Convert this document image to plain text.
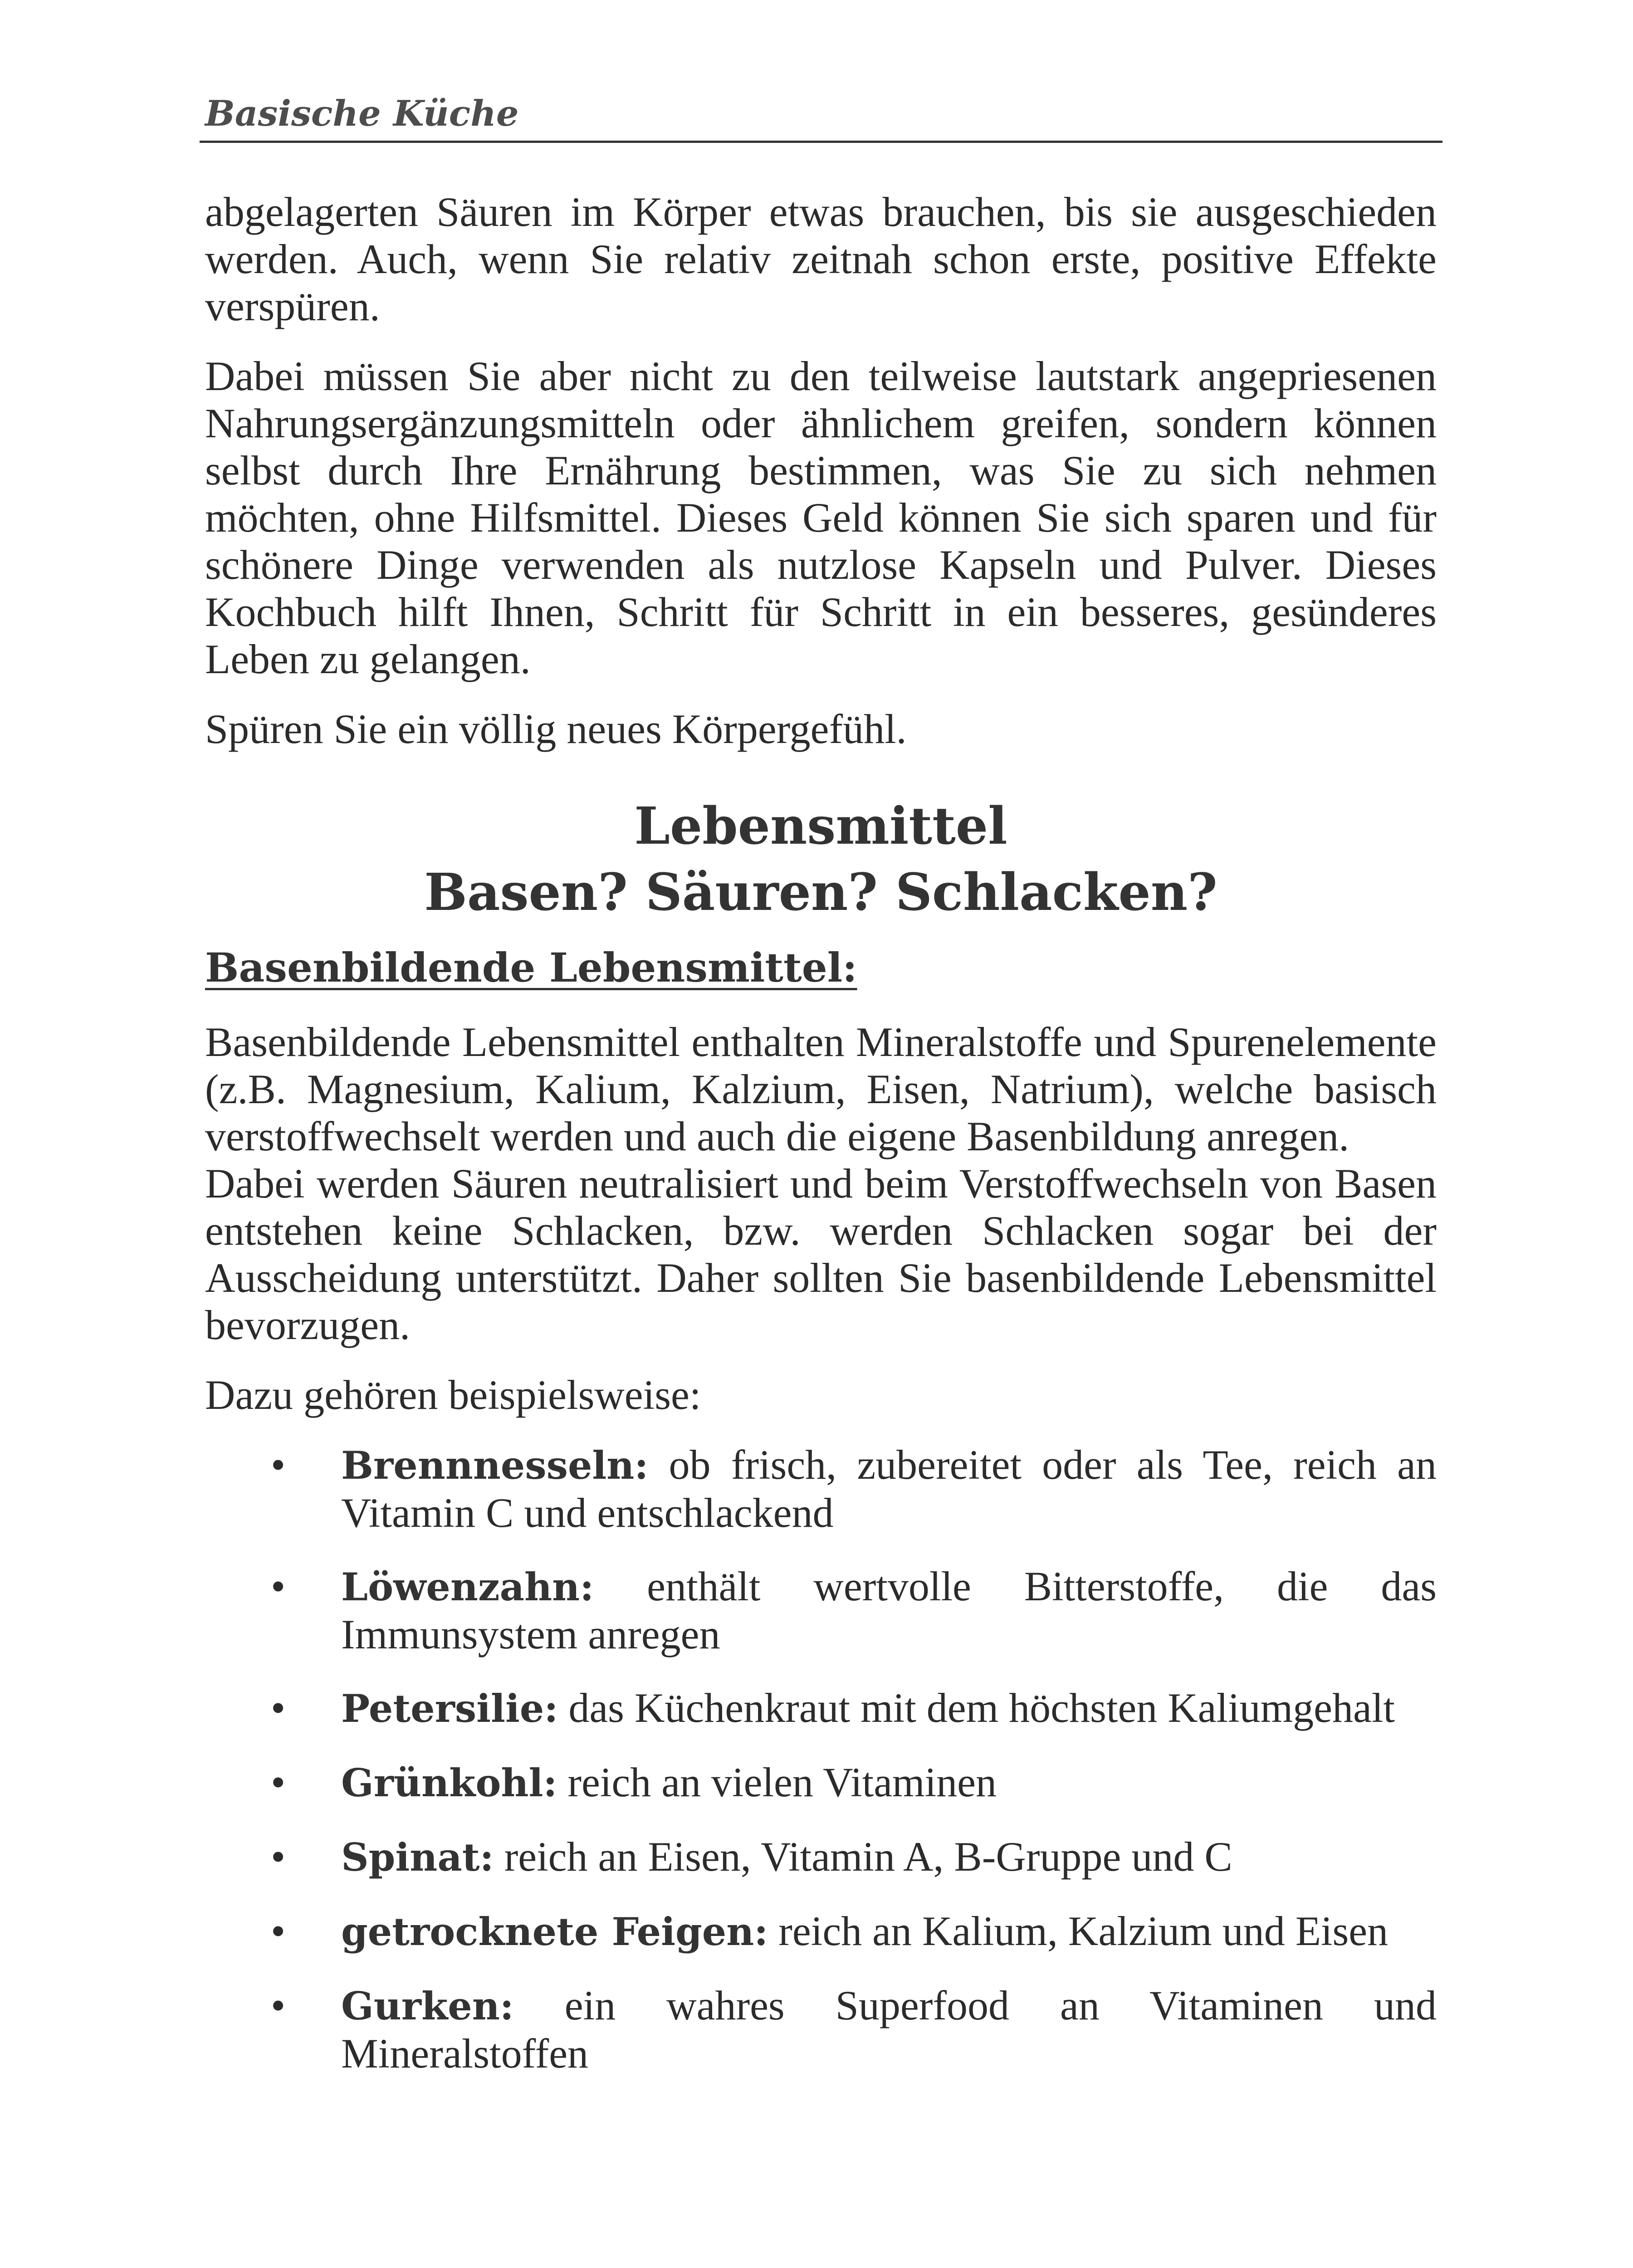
Basische Küche

abgelagerten Säuren im Körper etwas brauchen, bis sie ausgeschieden werden. Auch, wenn Sie relativ zeitnah schon erste, positive Effekte verspüren.

Dabei müssen Sie aber nicht zu den teilweise lautstark angepriesenen Nahrungsergänzungsmitteln oder ähnlichem greifen, sondern können selbst durch Ihre Ernährung bestimmen, was Sie zu sich nehmen möchten, ohne Hilfsmittel. Dieses Geld können Sie sich sparen und für schönere Dinge verwenden als nutzlose Kapseln und Pulver. Dieses Kochbuch hilft Ihnen, Schritt für Schritt in ein besseres, gesünderes Leben zu gelangen.

Spüren Sie ein völlig neues Körpergefühl.

Lebensmittel
Basen? Säuren? Schlacken?
Basenbildende Lebensmittel:

Basenbildende Lebensmittel enthalten Mineralstoffe und Spurenelemente (z.B. Magnesium, Kalium, Kalzium, Eisen, Natrium), welche basisch verstoffwechselt werden und auch die eigene Basenbildung anregen.

Dabei werden Säuren neutralisiert und beim Verstoffwechseln von Basen entstehen keine Schlacken, bzw. werden Schlacken sogar bei der Ausscheidung unterstützt. Daher sollten Sie basenbildende Lebensmittel bevorzugen.

Dazu gehören beispielsweise:

• Brennnesseln: ob frisch, zubereitet oder als Tee, reich an Vitamin C und entschlackend
• Löwenzahn: enthält wertvolle Bitterstoffe, die das Immunsystem anregen
• Petersilie: das Küchenkraut mit dem höchsten Kaliumgehalt
• Grünkohl: reich an vielen Vitaminen
• Spinat: reich an Eisen, Vitamin A, B-Gruppe und C
• getrocknete Feigen: reich an Kalium, Kalzium und Eisen
• Gurken: ein wahres Superfood an Vitaminen und Mineralstoffen
